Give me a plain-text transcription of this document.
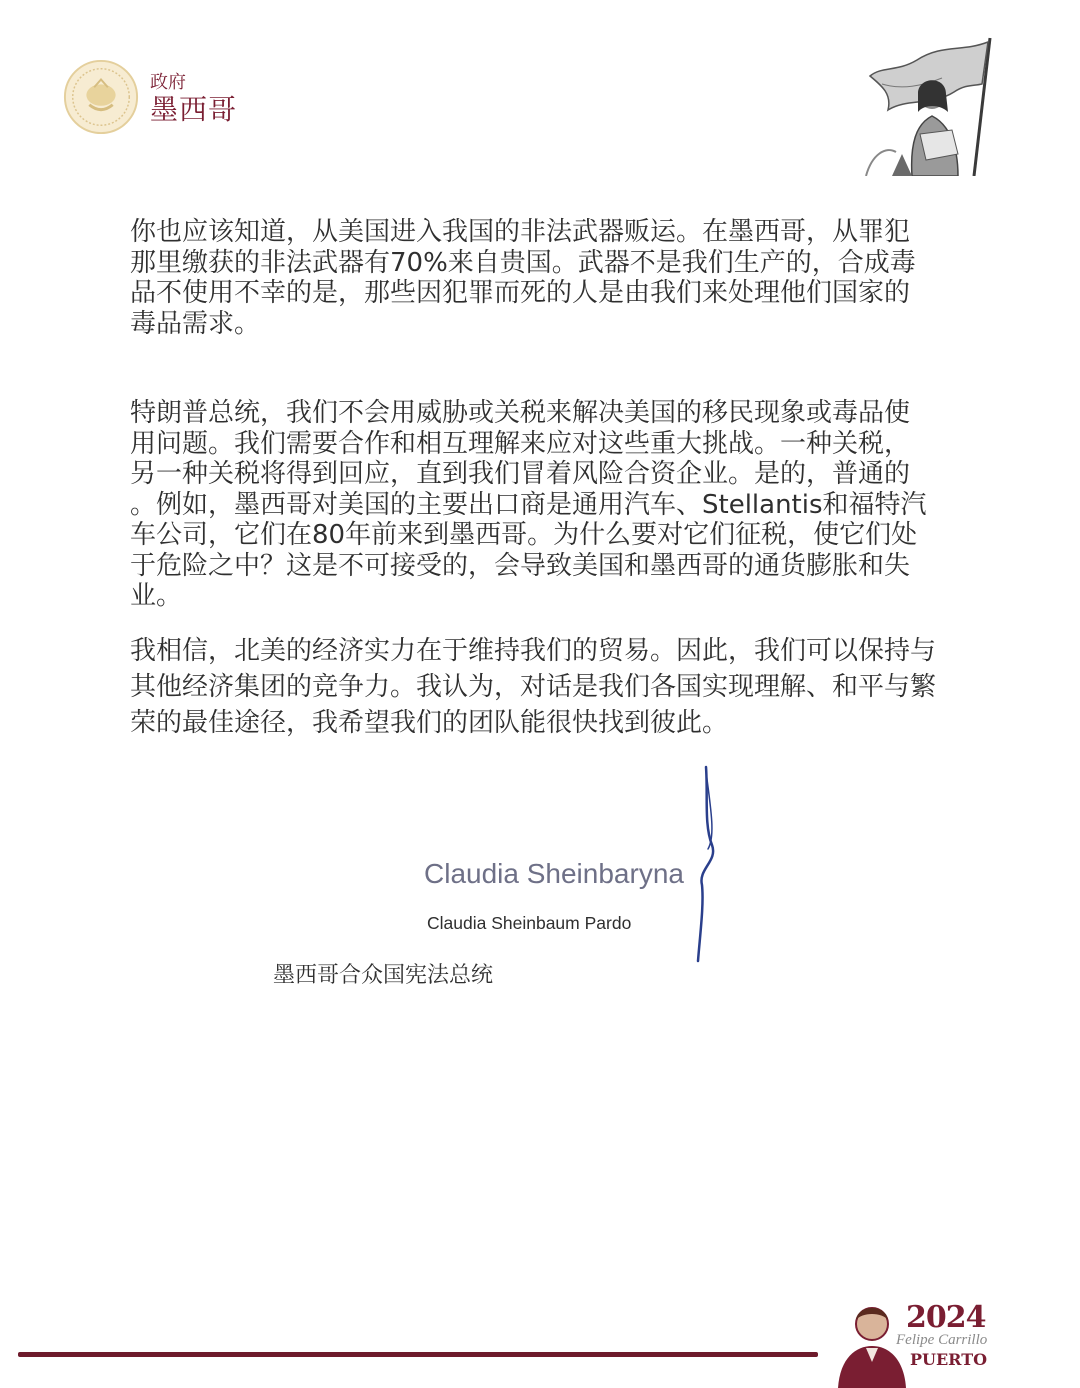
政府
墨西哥
你也应该知道，从美国进入我国的非法武器贩运。在墨西哥，从罪犯
那里缴获的非法武器有70%来自贵国。武器不是我们生产的，合成毒
品不使用不幸的是，那些因犯罪而死的人是由我们来处理他们国家的
毒品需求。
特朗普总统，我们不会用威胁或关税来解决美国的移民现象或毒品使
用问题。我们需要合作和相互理解来应对这些重大挑战。一种关税，
另一种关税将得到回应，直到我们冒着风险合资企业。是的，普通的
。例如，墨西哥对美国的主要出口商是通用汽车、Stellantis和福特汽
车公司，它们在80年前来到墨西哥。为什么要对它们征税，使它们处
于危险之中？这是不可接受的，会导致美国和墨西哥的通货膨胀和失
业。
我相信，北美的经济实力在于维持我们的贸易。因此，我们可以保持与
其他经济集团的竞争力。我认为，对话是我们各国实现理解、和平与繁
荣的最佳途径，我希望我们的团队能很快找到彼此。
Claudia Sheinbaryna
Claudia Sheinbaum Pardo
墨西哥合众国宪法总统
2024
Felipe Carrillo
PUERTO
